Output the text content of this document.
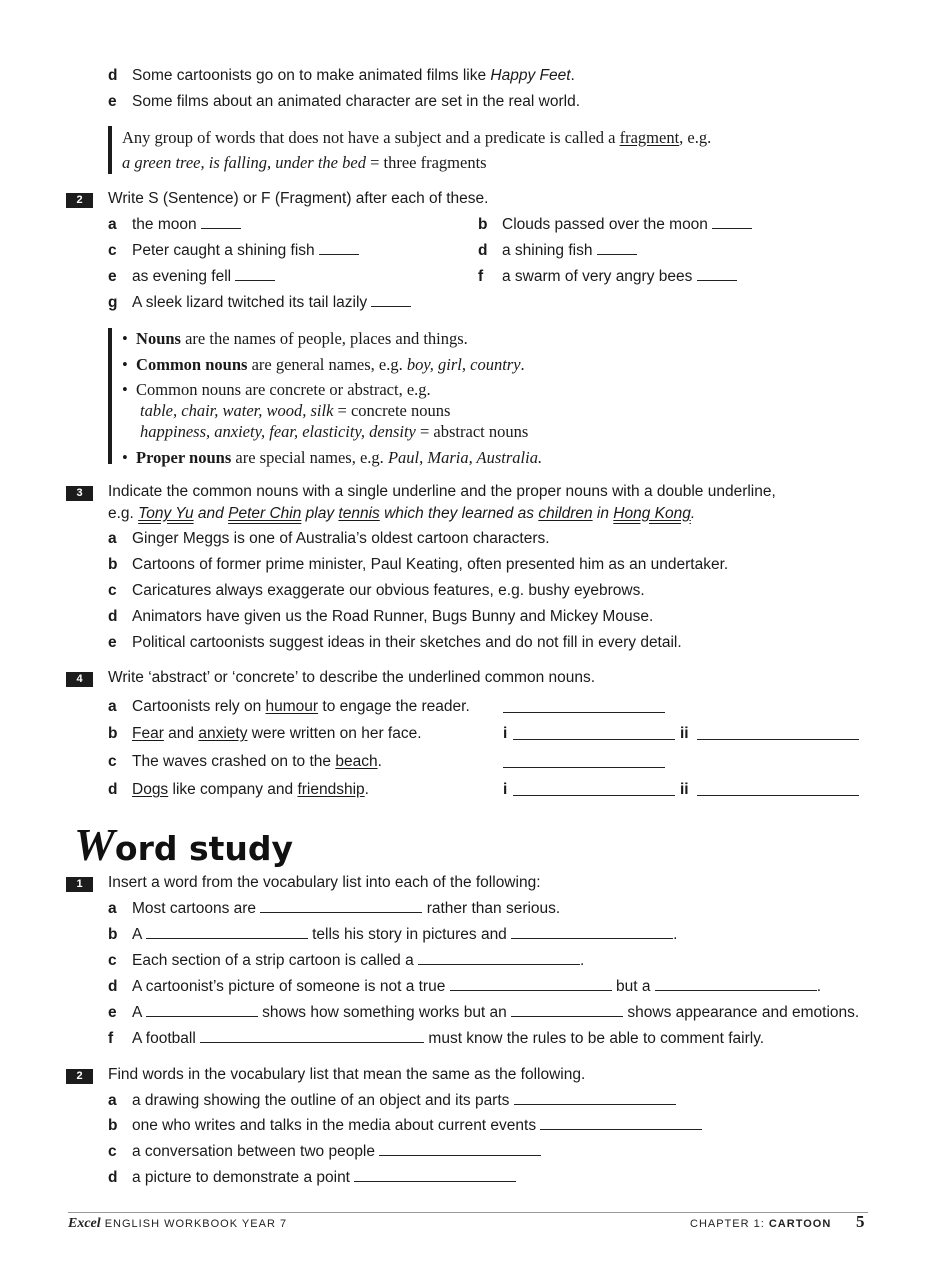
d Some cartoonists go on to make animated films like Happy Feet.
e Some films about an animated character are set in the real world.
Any group of words that does not have a subject and a predicate is called a fragment, e.g.
a green tree, is falling, under the bed = three fragments
2	Write S (Sentence) or F (Fragment) after each of these.
a the moon	b Clouds passed over the moon
c Peter caught a shining fish	d a shining fish
e as evening fell	f a swarm of very angry bees
g A sleek lizard twitched its tail lazily
•  Nouns are the names of people, places and things.
•  Common nouns are general names, e.g. boy, girl, country.
•  Common nouns are concrete or abstract, e.g.
table, chair, water, wood, silk = concrete nouns
happiness, anxiety, fear, elasticity, density = abstract nouns
•  Proper nouns are special names, e.g. Paul, Maria, Australia.
3	Indicate the common nouns with a single underline and the proper nouns with a double underline,
e.g. Tony Yu and Peter Chin play tennis which they learned as children in Hong Kong.
a Ginger Meggs is one of Australia’s oldest cartoon characters.
b Cartoons of former prime minister, Paul Keating, often presented him as an undertaker.
c Caricatures always exaggerate our obvious features, e.g. bushy eyebrows.
d Animators have given us the Road Runner, Bugs Bunny and Mickey Mouse.
e Political cartoonists suggest ideas in their sketches and do not fill in every detail.
4	Write ‘abstract’ or ‘concrete’ to describe the underlined common nouns.
a Cartoonists rely on humour to engage the reader.
b Fear and anxiety were written on her face.	i	ii
c The waves crashed on to the beach.
d Dogs like company and friendship.	i	ii
Word study
1	Insert a word from the vocabulary list into each of the following:
a Most cartoons are	rather than serious.
b A	tells his story in pictures and	.
c Each section of a strip cartoon is called a	.
d A cartoonist’s picture of someone is not a true	but a	.
e A	shows how something works but an	shows appearance and emotions.
f A football	must know the rules to be able to comment fairly.
2	Find words in the vocabulary list that mean the same as the following.
a a drawing showing the outline of an object and its parts
b one who writes and talks in the media about current events
c a conversation between two people
d a picture to demonstrate a point
Excel ENGLISH WORKBOOK YEAR 7	CHAPTER 1: CARTOON 5
